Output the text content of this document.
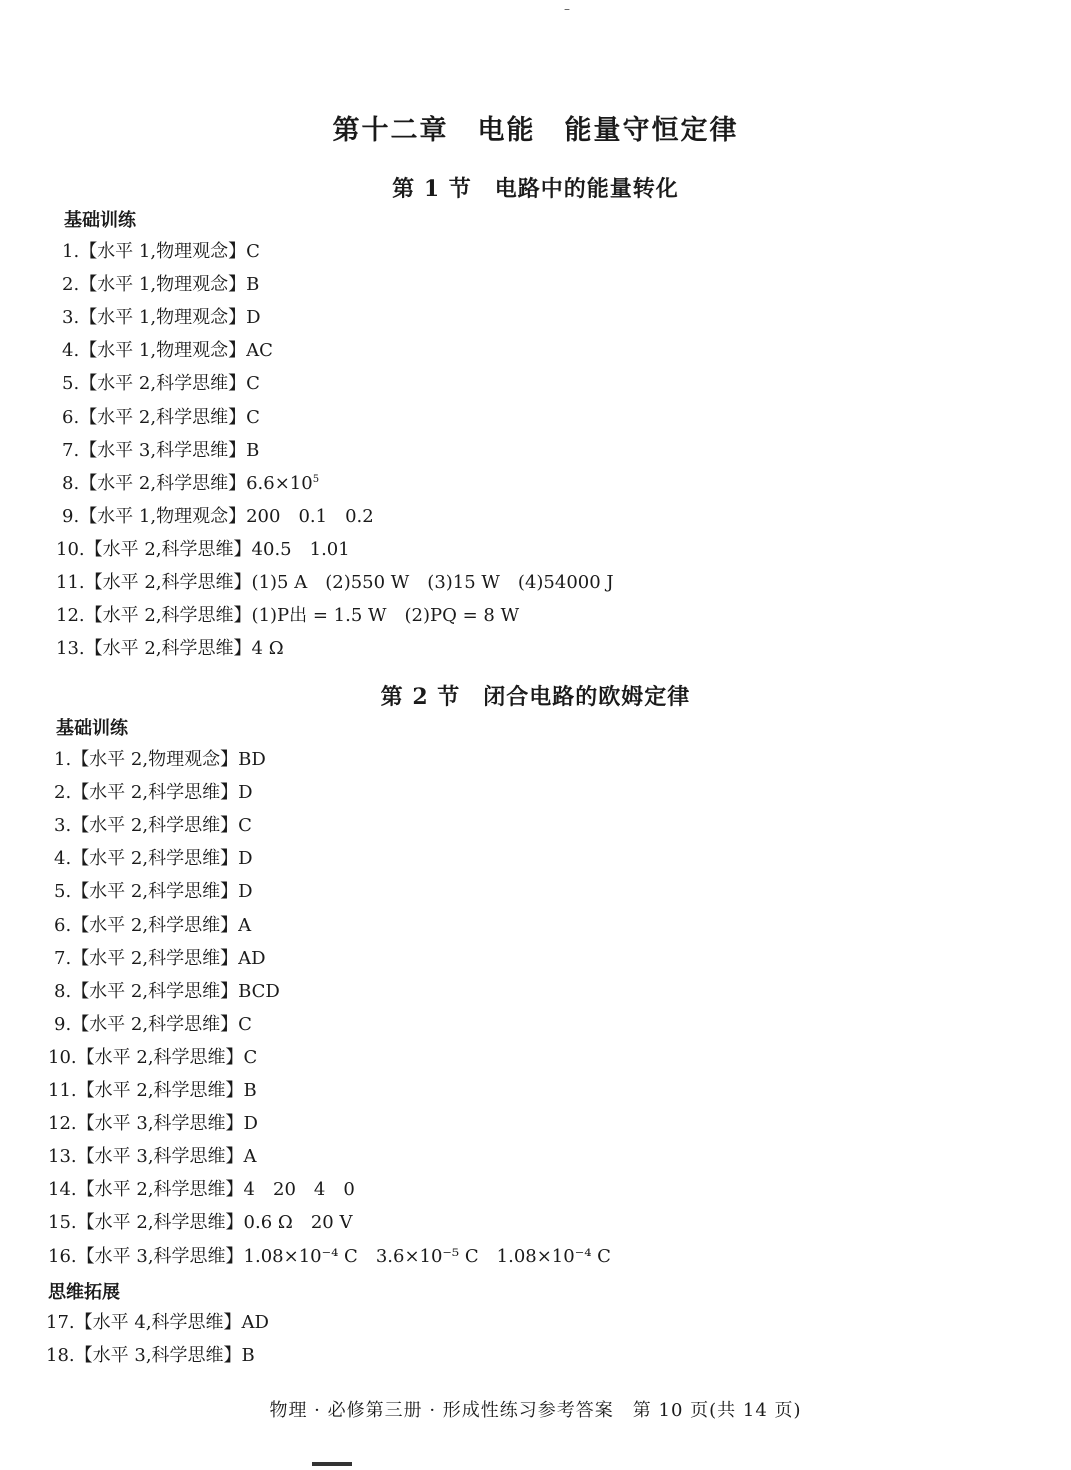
–
第十二章　电能　能量守恒定律
第 1 节　电路中的能量转化
基础训练
1.【水平 1,物理观念】C
2.【水平 1,物理观念】B
3.【水平 1,物理观念】D
4.【水平 1,物理观念】AC
5.【水平 2,科学思维】C
6.【水平 2,科学思维】C
7.【水平 3,科学思维】B
8.【水平 2,科学思维】$6.6\times 10^5$
9.【水平 1,物理观念】200　0.1　0.2
10.【水平 2,科学思维】40.5　1.01
11.【水平 2,科学思维】(1)5 A　(2)550 W　(3)15 W　(4)54000 J
12.【水平 2,科学思维】(1)P出 = 1.5 W　(2)PQ = 8 W
13.【水平 2,科学思维】4 Ω
第 2 节　闭合电路的欧姆定律
基础训练
1.【水平 2,物理观念】BD
2.【水平 2,科学思维】D
3.【水平 2,科学思维】C
4.【水平 2,科学思维】D
5.【水平 2,科学思维】D
6.【水平 2,科学思维】A
7.【水平 2,科学思维】AD
8.【水平 2,科学思维】BCD
9.【水平 2,科学思维】C
10.【水平 2,科学思维】C
11.【水平 2,科学思维】B
12.【水平 3,科学思维】D
13.【水平 3,科学思维】A
14.【水平 2,科学思维】4　20　4　0
15.【水平 2,科学思维】0.6 Ω　20 V
16.【水平 3,科学思维】1.08×10⁻⁴ C　3.6×10⁻⁵ C　1.08×10⁻⁴ C
思维拓展
17.【水平 4,科学思维】AD
18.【水平 3,科学思维】B
物理 · 必修第三册 · 形成性练习参考答案　第 10 页(共 14 页)
